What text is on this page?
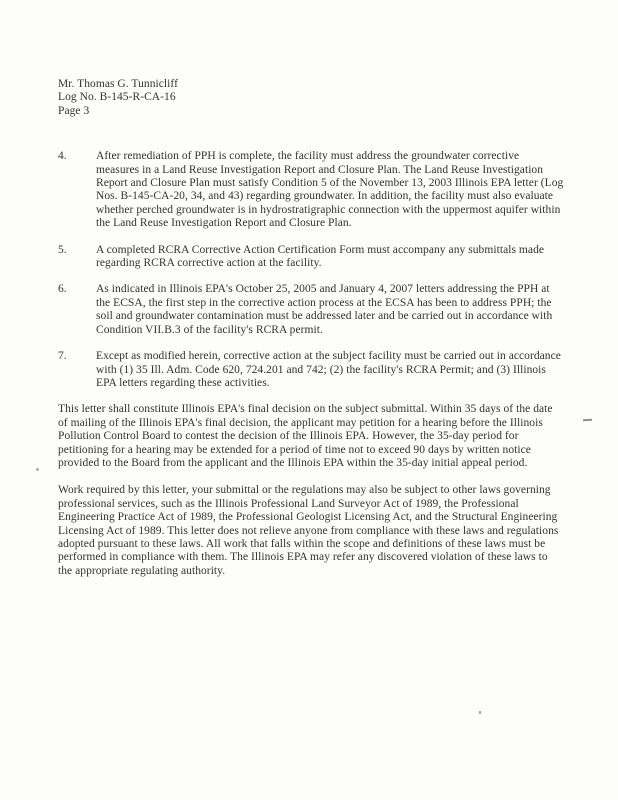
Mr. Thomas G. Tunnicliff
Log No. B-145-R-CA-16
Page 3
4.	After remediation of PPH is complete, the facility must address the groundwater corrective measures in a Land Reuse Investigation Report and Closure Plan. The Land Reuse Investigation Report and Closure Plan must satisfy Condition 5 of the November 13, 2003 Illinois EPA letter (Log Nos. B-145-CA-20, 34, and 43) regarding groundwater. In addition, the facility must also evaluate whether perched groundwater is in hydrostratigraphic connection with the uppermost aquifer within the Land Reuse Investigation Report and Closure Plan.
5.	A completed RCRA Corrective Action Certification Form must accompany any submittals made regarding RCRA corrective action at the facility.
6.	As indicated in Illinois EPA's October 25, 2005 and January 4, 2007 letters addressing the PPH at the ECSA, the first step in the corrective action process at the ECSA has been to address PPH; the soil and groundwater contamination must be addressed later and be carried out in accordance with Condition VII.B.3 of the facility's RCRA permit.
7.	Except as modified herein, corrective action at the subject facility must be carried out in accordance with (1) 35 Ill. Adm. Code 620, 724.201 and 742; (2) the facility's RCRA Permit; and (3) Illinois EPA letters regarding these activities.
This letter shall constitute Illinois EPA's final decision on the subject submittal. Within 35 days of the date of mailing of the Illinois EPA's final decision, the applicant may petition for a hearing before the Illinois Pollution Control Board to contest the decision of the Illinois EPA. However, the 35-day period for petitioning for a hearing may be extended for a period of time not to exceed 90 days by written notice provided to the Board from the applicant and the Illinois EPA within the 35-day initial appeal period.
Work required by this letter, your submittal or the regulations may also be subject to other laws governing professional services, such as the Illinois Professional Land Surveyor Act of 1989, the Professional Engineering Practice Act of 1989, the Professional Geologist Licensing Act, and the Structural Engineering Licensing Act of 1989. This letter does not relieve anyone from compliance with these laws and regulations adopted pursuant to these laws. All work that falls within the scope and definitions of these laws must be performed in compliance with them. The Illinois EPA may refer any discovered violation of these laws to the appropriate regulating authority.
